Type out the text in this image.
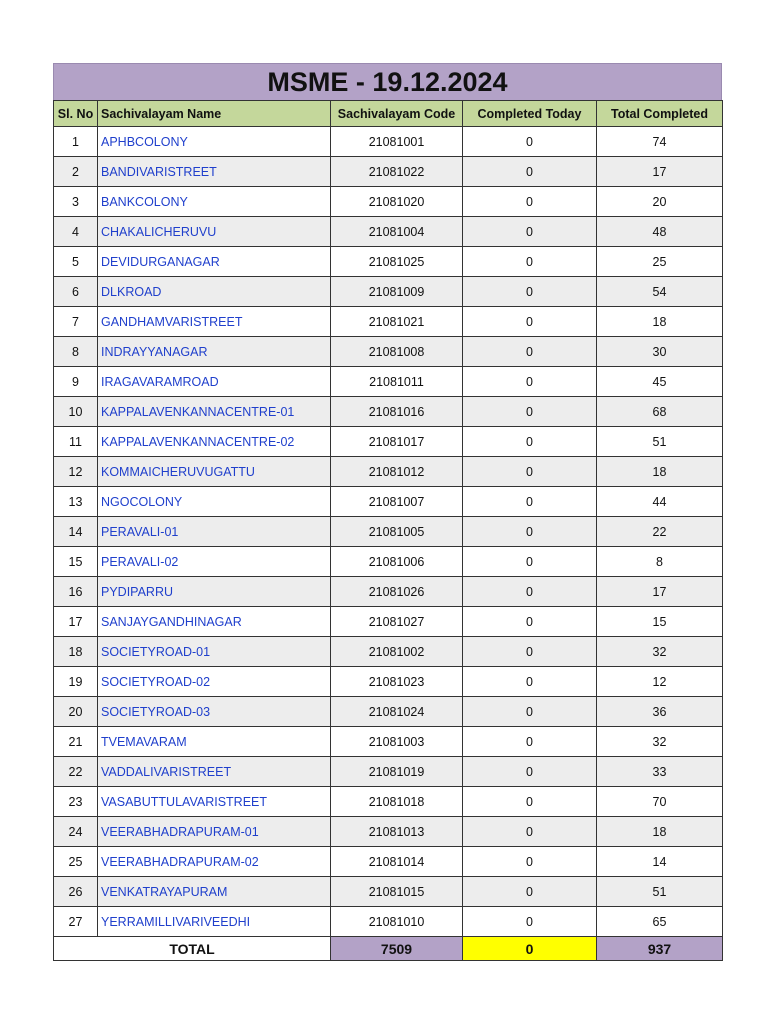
MSME - 19.12.2024
Sl. No	Sachivalayam Name	Sachivalayam Code	Completed Today	Total Completed
1	APHBCOLONY	21081001	0	74
2	BANDIVARISTREET	21081022	0	17
3	BANKCOLONY	21081020	0	20
4	CHAKALICHERUVU	21081004	0	48
5	DEVIDURGANAGAR	21081025	0	25
6	DLKROAD	21081009	0	54
7	GANDHAMVARISTREET	21081021	0	18
8	INDRAYYANAGAR	21081008	0	30
9	IRAGAVARAMROAD	21081011	0	45
10	KAPPALAVENKANNACENTRE-01	21081016	0	68
11	KAPPALAVENKANNACENTRE-02	21081017	0	51
12	KOMMAICHERUVUGATTU	21081012	0	18
13	NGOCOLONY	21081007	0	44
14	PERAVALI-01	21081005	0	22
15	PERAVALI-02	21081006	0	8
16	PYDIPARRU	21081026	0	17
17	SANJAYGANDHINAGAR	21081027	0	15
18	SOCIETYROAD-01	21081002	0	32
19	SOCIETYROAD-02	21081023	0	12
20	SOCIETYROAD-03	21081024	0	36
21	TVEMAVARAM	21081003	0	32
22	VADDALIVARISTREET	21081019	0	33
23	VASABUTTULAVARISTREET	21081018	0	70
24	VEERABHADRAPURAM-01	21081013	0	18
25	VEERABHADRAPURAM-02	21081014	0	14
26	VENKATRAYAPURAM	21081015	0	51
27	YERRAMILLIVARIVEEDHI	21081010	0	65
TOTAL		7509	0	937
